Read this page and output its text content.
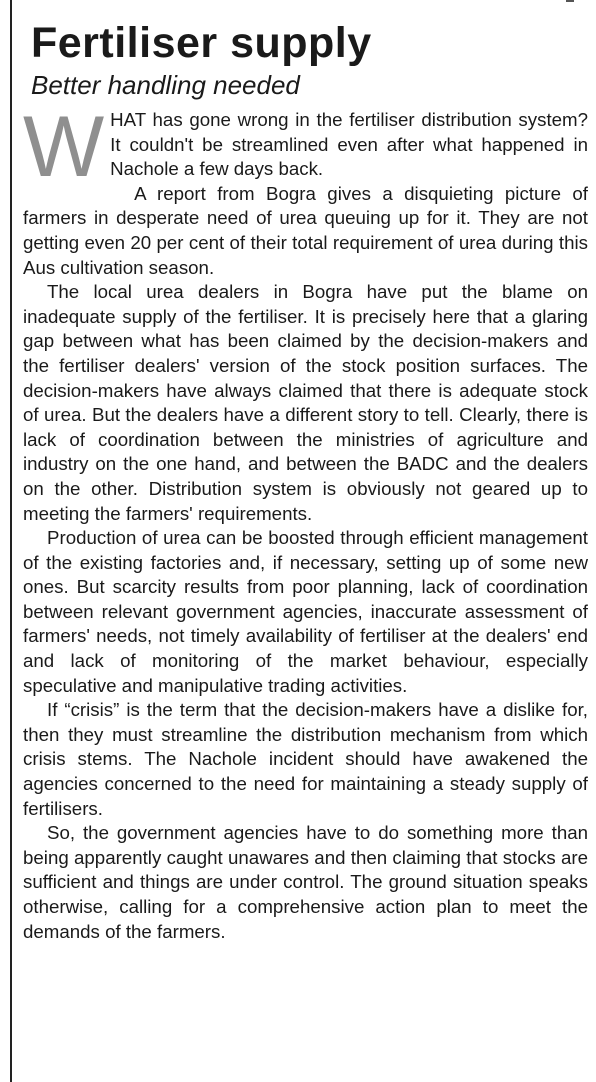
Fertiliser supply
Better handling needed

WHAT has gone wrong in the fertiliser distribution system? It couldn't be streamlined even after what happened in Nachole a few days back.

A report from Bogra gives a disquieting picture of farmers in desperate need of urea queuing up for it. They are not getting even 20 per cent of their total requirement of urea during this Aus cultivation season.

The local urea dealers in Bogra have put the blame on inadequate supply of the fertiliser. It is precisely here that a glaring gap between what has been claimed by the decision-makers and the fertiliser dealers' version of the stock position surfaces. The decision-makers have always claimed that there is adequate stock of urea. But the dealers have a different story to tell. Clearly, there is lack of coordination between the ministries of agriculture and industry on the one hand, and between the BADC and the dealers on the other. Distribution system is obviously not geared up to meeting the farmers' requirements.

Production of urea can be boosted through efficient management of the existing factories and, if necessary, setting up of some new ones. But scarcity results from poor planning, lack of coordination between relevant government agencies, inaccurate assessment of farmers' needs, not timely availability of fertiliser at the dealers' end and lack of monitoring of the market behaviour, especially speculative and manipulative trading activities.

If “crisis” is the term that the decision-makers have a dislike for, then they must streamline the distribution mechanism from which crisis stems. The Nachole incident should have awakened the agencies concerned to the need for maintaining a steady supply of fertilisers.

So, the government agencies have to do something more than being apparently caught unawares and then claiming that stocks are sufficient and things are under control. The ground situation speaks otherwise, calling for a comprehensive action plan to meet the demands of the farmers.
